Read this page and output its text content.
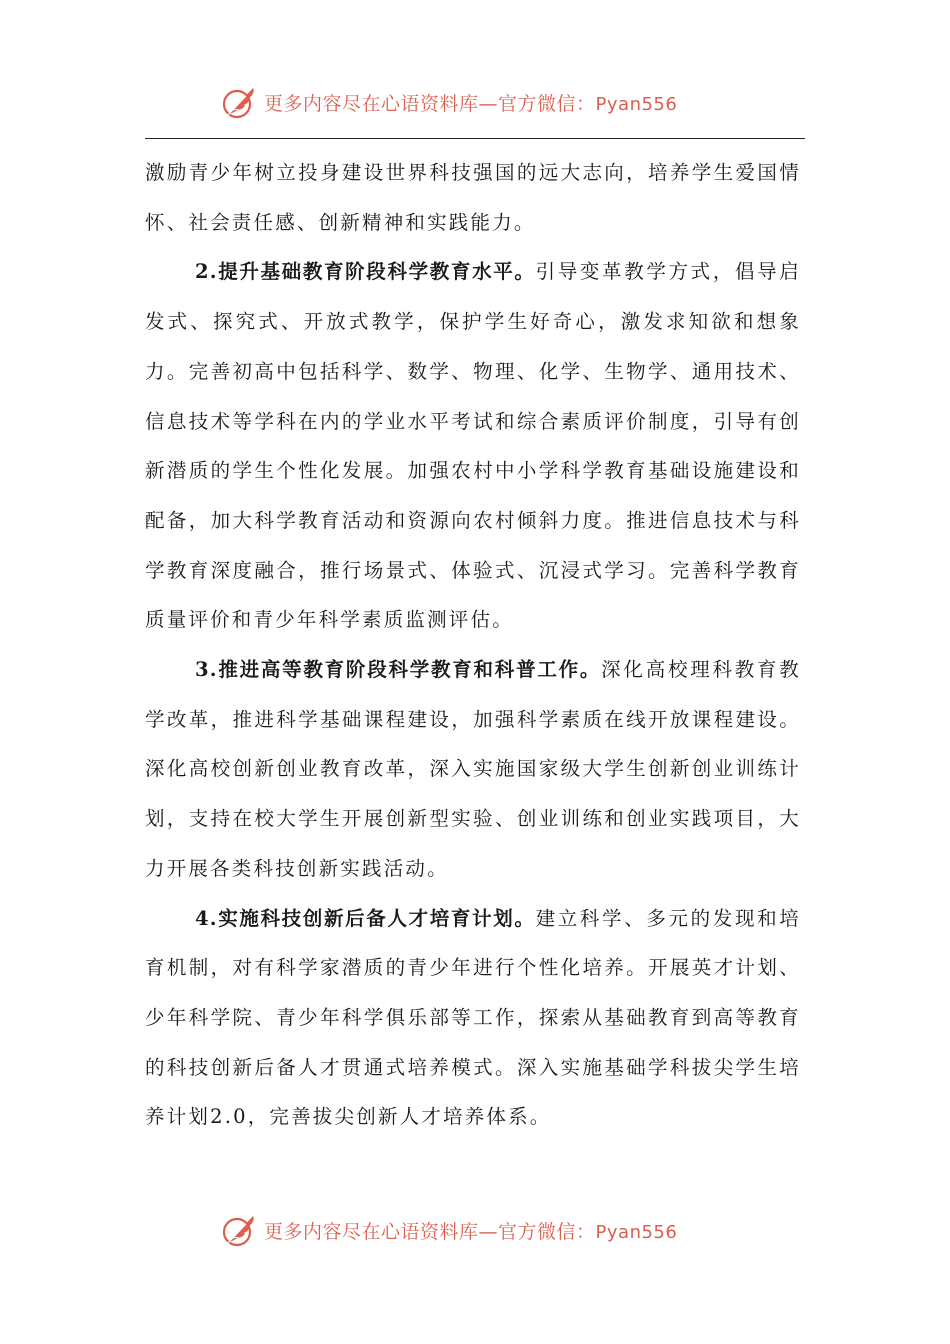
更多内容尽在心语资料库—官方微信：Pyan556

激励青少年树立投身建设世界科技强国的远大志向，培养学生爱国情怀、社会责任感、创新精神和实践能力。

2.提升基础教育阶段科学教育水平。引导变革教学方式，倡导启发式、探究式、开放式教学，保护学生好奇心，激发求知欲和想象力。完善初高中包括科学、数学、物理、化学、生物学、通用技术、信息技术等学科在内的学业水平考试和综合素质评价制度，引导有创新潜质的学生个性化发展。加强农村中小学科学教育基础设施建设和配备，加大科学教育活动和资源向农村倾斜力度。推进信息技术与科学教育深度融合，推行场景式、体验式、沉浸式学习。完善科学教育质量评价和青少年科学素质监测评估。

3.推进高等教育阶段科学教育和科普工作。深化高校理科教育教学改革，推进科学基础课程建设，加强科学素质在线开放课程建设。深化高校创新创业教育改革，深入实施国家级大学生创新创业训练计划，支持在校大学生开展创新型实验、创业训练和创业实践项目，大力开展各类科技创新实践活动。

4.实施科技创新后备人才培育计划。建立科学、多元的发现和培育机制，对有科学家潜质的青少年进行个性化培养。开展英才计划、少年科学院、青少年科学俱乐部等工作，探索从基础教育到高等教育的科技创新后备人才贯通式培养模式。深入实施基础学科拔尖学生培养计划2.0，完善拔尖创新人才培养体系。

更多内容尽在心语资料库—官方微信：Pyan556
